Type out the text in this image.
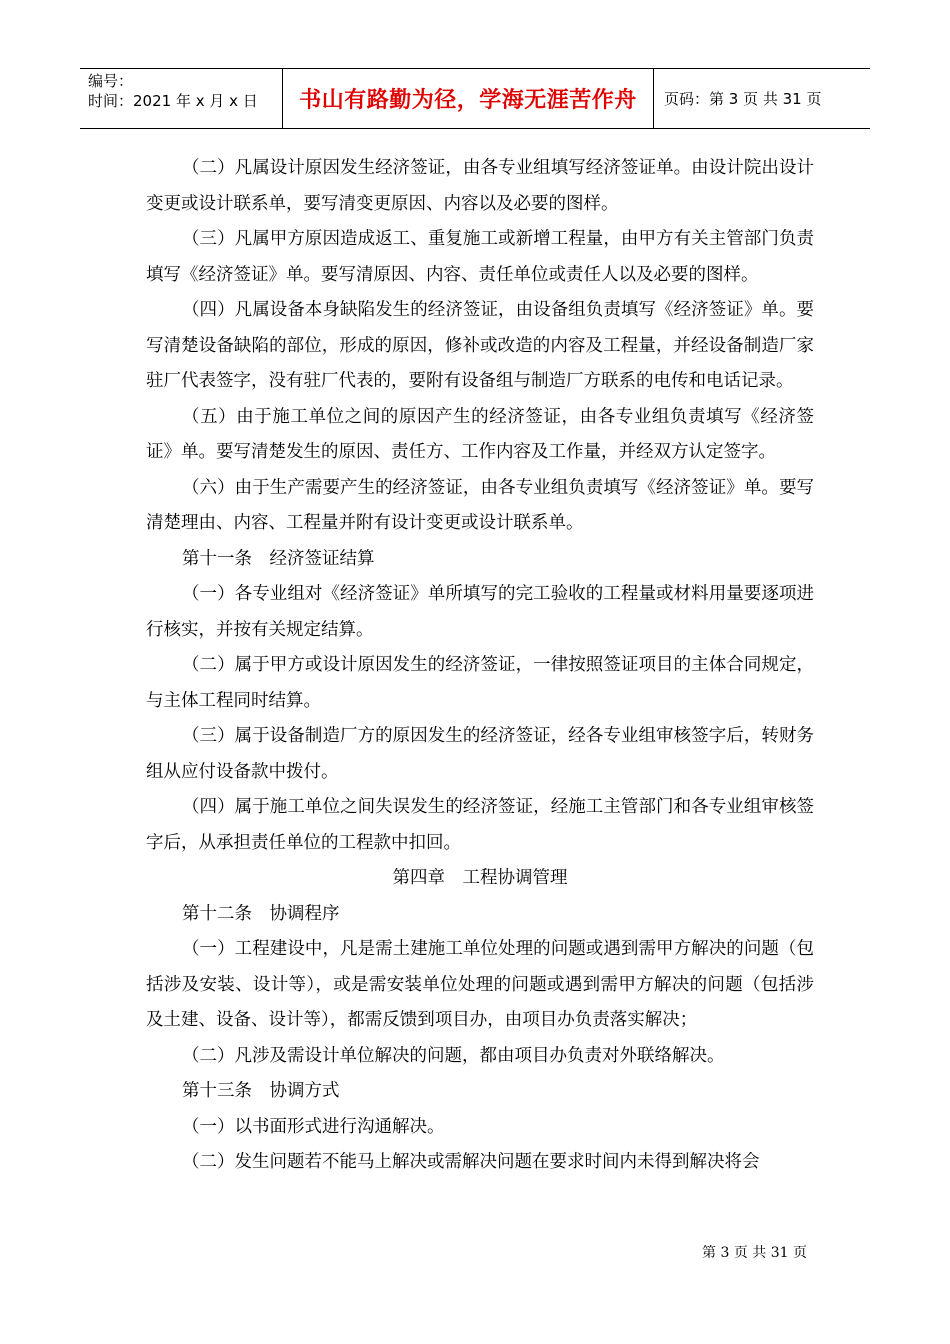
编号：
时间：2021 年 x 月 x 日	书山有路勤为径，学海无涯苦作舟	页码：第 3 页 共 31 页

（二）凡属设计原因发生经济签证，由各专业组填写经济签证单。由设计院出设计变更或设计联系单，要写清变更原因、内容以及必要的图样。

（三）凡属甲方原因造成返工、重复施工或新增工程量，由甲方有关主管部门负责填写《经济签证》单。要写清原因、内容、责任单位或责任人以及必要的图样。

（四）凡属设备本身缺陷发生的经济签证，由设备组负责填写《经济签证》单。要写清楚设备缺陷的部位，形成的原因，修补或改造的内容及工程量，并经设备制造厂家驻厂代表签字，没有驻厂代表的，要附有设备组与制造厂方联系的电传和电话记录。

（五）由于施工单位之间的原因产生的经济签证，由各专业组负责填写《经济签证》单。要写清楚发生的原因、责任方、工作内容及工作量，并经双方认定签字。

（六）由于生产需要产生的经济签证，由各专业组负责填写《经济签证》单。要写清楚理由、内容、工程量并附有设计变更或设计联系单。

第十一条　经济签证结算

（一）各专业组对《经济签证》单所填写的完工验收的工程量或材料用量要逐项进行核实，并按有关规定结算。

（二）属于甲方或设计原因发生的经济签证，一律按照签证项目的主体合同规定，与主体工程同时结算。

（三）属于设备制造厂方的原因发生的经济签证，经各专业组审核签字后，转财务组从应付设备款中拨付。

（四）属于施工单位之间失误发生的经济签证，经施工主管部门和各专业组审核签字后，从承担责任单位的工程款中扣回。

第四章　工程协调管理

第十二条　协调程序

（一）工程建设中，凡是需土建施工单位处理的问题或遇到需甲方解决的问题（包括涉及安装、设计等），或是需安装单位处理的问题或遇到需甲方解决的问题（包括涉及土建、设备、设计等），都需反馈到项目办，由项目办负责落实解决；

（二）凡涉及需设计单位解决的问题，都由项目办负责对外联络解决。

第十三条　协调方式

（一）以书面形式进行沟通解决。

（二）发生问题若不能马上解决或需解决问题在要求时间内未得到解决将会

第 3 页 共 31 页
